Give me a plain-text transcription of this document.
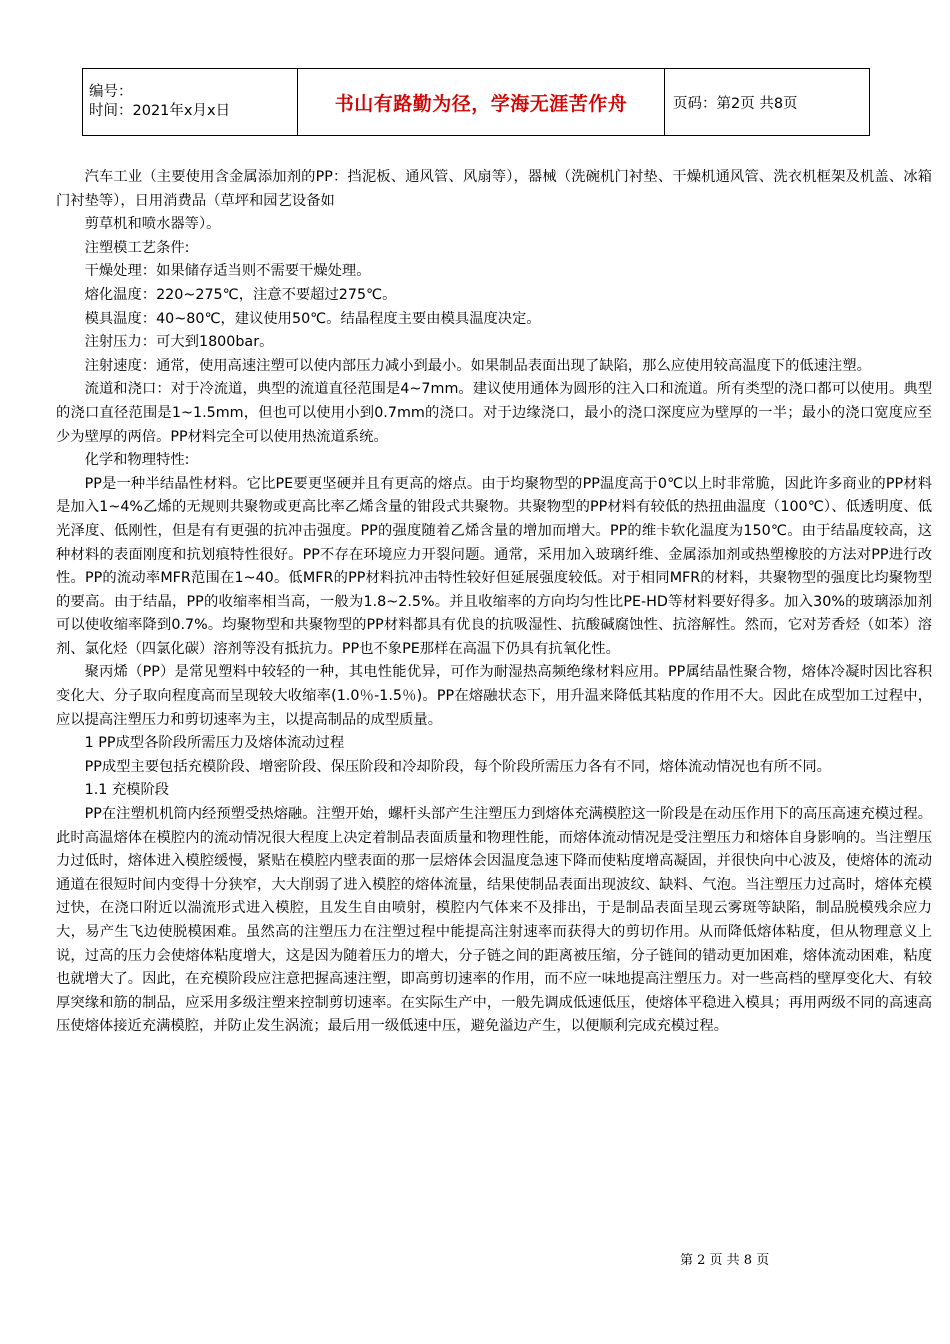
编号：
时间：2021年x月x日	书山有路勤为径，学海无涯苦作舟	页码：第2页 共8页

汽车工业（主要使用含金属添加剂的PP：挡泥板、通风管、风扇等），器械（洗碗机门衬垫、干燥机通风管、洗衣机框架及机盖、冰箱门衬垫等），日用消费品（草坪和园艺设备如

剪草机和喷水器等）。

注塑模工艺条件:

干燥处理：如果储存适当则不需要干燥处理。

熔化温度：220~275℃，注意不要超过275℃。

模具温度：40~80℃，建议使用50℃。结晶程度主要由模具温度决定。

注射压力：可大到1800bar。

注射速度：通常，使用高速注塑可以使内部压力减小到最小。如果制品表面出现了缺陷，那么应使用较高温度下的低速注塑。

流道和浇口：对于冷流道，典型的流道直径范围是4~7mm。建议使用通体为圆形的注入口和流道。所有类型的浇口都可以使用。典型的浇口直径范围是1~1.5mm，但也可以使用小到0.7mm的浇口。对于边缘浇口，最小的浇口深度应为壁厚的一半；最小的浇口宽度应至少为壁厚的两倍。PP材料完全可以使用热流道系统。

化学和物理特性:

PP是一种半结晶性材料。它比PE要更坚硬并且有更高的熔点。由于均聚物型的PP温度高于0℃以上时非常脆，因此许多商业的PP材料是加入1~4%乙烯的无规则共聚物或更高比率乙烯含量的钳段式共聚物。共聚物型的PP材料有较低的热扭曲温度（100℃）、低透明度、低光泽度、低刚性，但是有有更强的抗冲击强度。PP的强度随着乙烯含量的增加而增大。PP的维卡软化温度为150℃。由于结晶度较高，这种材料的表面刚度和抗划痕特性很好。PP不存在环境应力开裂问题。通常，采用加入玻璃纤维、金属添加剂或热塑橡胶的方法对PP进行改性。PP的流动率MFR范围在1~40。低MFR的PP材料抗冲击特性较好但延展强度较低。对于相同MFR的材料，共聚物型的强度比均聚物型的要高。由于结晶，PP的收缩率相当高，一般为1.8~2.5%。并且收缩率的方向均匀性比PE-HD等材料要好得多。加入30%的玻璃添加剂可以使收缩率降到0.7%。均聚物型和共聚物型的PP材料都具有优良的抗吸湿性、抗酸碱腐蚀性、抗溶解性。然而，它对芳香烃（如苯）溶剂、氯化烃（四氯化碳）溶剂等没有抵抗力。PP也不象PE那样在高温下仍具有抗氧化性。

聚丙烯（PP）是常见塑料中较轻的一种，其电性能优异，可作为耐湿热高频绝缘材料应用。PP属结晶性聚合物，熔体冷凝时因比容积变化大、分子取向程度高而呈现较大收缩率(1.0％-1.5％)。PP在熔融状态下，用升温来降低其粘度的作用不大。因此在成型加工过程中，应以提高注塑压力和剪切速率为主，以提高制品的成型质量。

1 PP成型各阶段所需压力及熔体流动过程

PP成型主要包括充模阶段、增密阶段、保压阶段和冷却阶段，每个阶段所需压力各有不同，熔体流动情况也有所不同。

1.1 充模阶段

PP在注塑机机筒内经预塑受热熔融。注塑开始，螺杆头部产生注塑压力到熔体充满模腔这一阶段是在动压作用下的高压高速充模过程。此时高温熔体在模腔内的流动情况很大程度上决定着制品表面质量和物理性能，而熔体流动情况是受注塑压力和熔体自身影响的。当注塑压力过低时，熔体进入模腔缓慢，紧贴在模腔内壁表面的那一层熔体会因温度急速下降而使粘度增高凝固，并很快向中心波及，使熔体的流动通道在很短时间内变得十分狭窄，大大削弱了进入模腔的熔体流量，结果使制品表面出现波纹、缺料、气泡。当注塑压力过高时，熔体充模过快，在浇口附近以湍流形式进入模腔，且发生自由喷射，模腔内气体来不及排出，于是制品表面呈现云雾斑等缺陷，制品脱模残余应力大，易产生飞边使脱模困难。虽然高的注塑压力在注塑过程中能提高注射速率而获得大的剪切作用。从而降低熔体粘度，但从物理意义上说，过高的压力会使熔体粘度增大，这是因为随着压力的增大，分子链之间的距离被压缩，分子链间的错动更加困难，熔体流动困难，粘度也就增大了。因此，在充模阶段应注意把握高速注塑，即高剪切速率的作用，而不应一味地提高注塑压力。对一些高档的壁厚变化大、有较厚突缘和筋的制品，应采用多级注塑来控制剪切速率。在实际生产中，一般先调成低速低压，使熔体平稳进入模具；再用两级不同的高速高压使熔体接近充满模腔，并防止发生涡流；最后用一级低速中压，避免溢边产生，以便顺利完成充模过程。

第 2 页 共 8 页
